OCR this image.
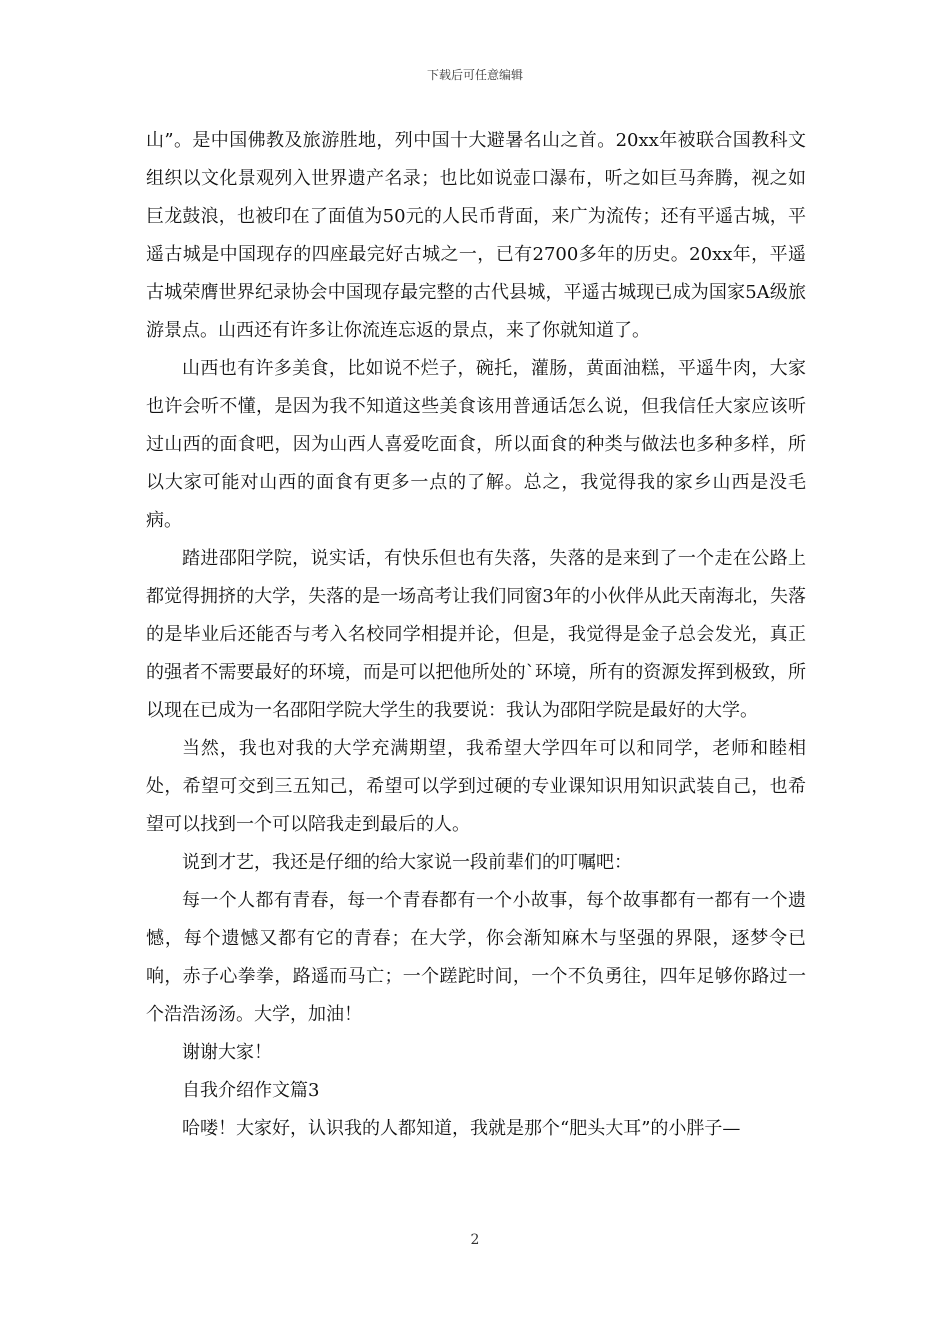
下载后可任意编辑

山”。是中国佛教及旅游胜地，列中国十大避暑名山之首。20xx年被联合国教科文组织以文化景观列入世界遗产名录；也比如说壶口瀑布，听之如巨马奔腾，视之如巨龙鼓浪，也被印在了面值为50元的人民币背面，来广为流传；还有平遥古城，平遥古城是中国现存的四座最完好古城之一，已有2700多年的历史。20xx年，平遥古城荣膺世界纪录协会中国现存最完整的古代县城，平遥古城现已成为国家5A级旅游景点。山西还有许多让你流连忘返的景点，来了你就知道了。

山西也有许多美食，比如说不烂子，碗托，灌肠，黄面油糕，平遥牛肉，大家也许会听不懂，是因为我不知道这些美食该用普通话怎么说，但我信任大家应该听过山西的面食吧，因为山西人喜爱吃面食，所以面食的种类与做法也多种多样，所以大家可能对山西的面食有更多一点的了解。总之，我觉得我的家乡山西是没毛病。

踏进邵阳学院，说实话，有快乐但也有失落，失落的是来到了一个走在公路上都觉得拥挤的大学，失落的是一场高考让我们同窗3年的小伙伴从此天南海北，失落的是毕业后还能否与考入名校同学相提并论，但是，我觉得是金子总会发光，真正的强者不需要最好的环境，而是可以把他所处的`环境，所有的资源发挥到极致，所以现在已成为一名邵阳学院大学生的我要说：我认为邵阳学院是最好的大学。

当然，我也对我的大学充满期望，我希望大学四年可以和同学，老师和睦相处，希望可交到三五知己，希望可以学到过硬的专业课知识用知识武装自己，也希望可以找到一个可以陪我走到最后的人。

说到才艺，我还是仔细的给大家说一段前辈们的叮嘱吧：

每一个人都有青春，每一个青春都有一个小故事，每个故事都有一都有一个遗憾，每个遗憾又都有它的青春；在大学，你会渐知麻木与坚强的界限，逐梦令已响，赤子心拳拳，路遥而马亡；一个蹉跎时间，一个不负勇往，四年足够你路过一个浩浩汤汤。大学，加油！

谢谢大家！

自我介绍作文篇3

哈喽！大家好，认识我的人都知道，我就是那个“肥头大耳”的小胖子—

2
